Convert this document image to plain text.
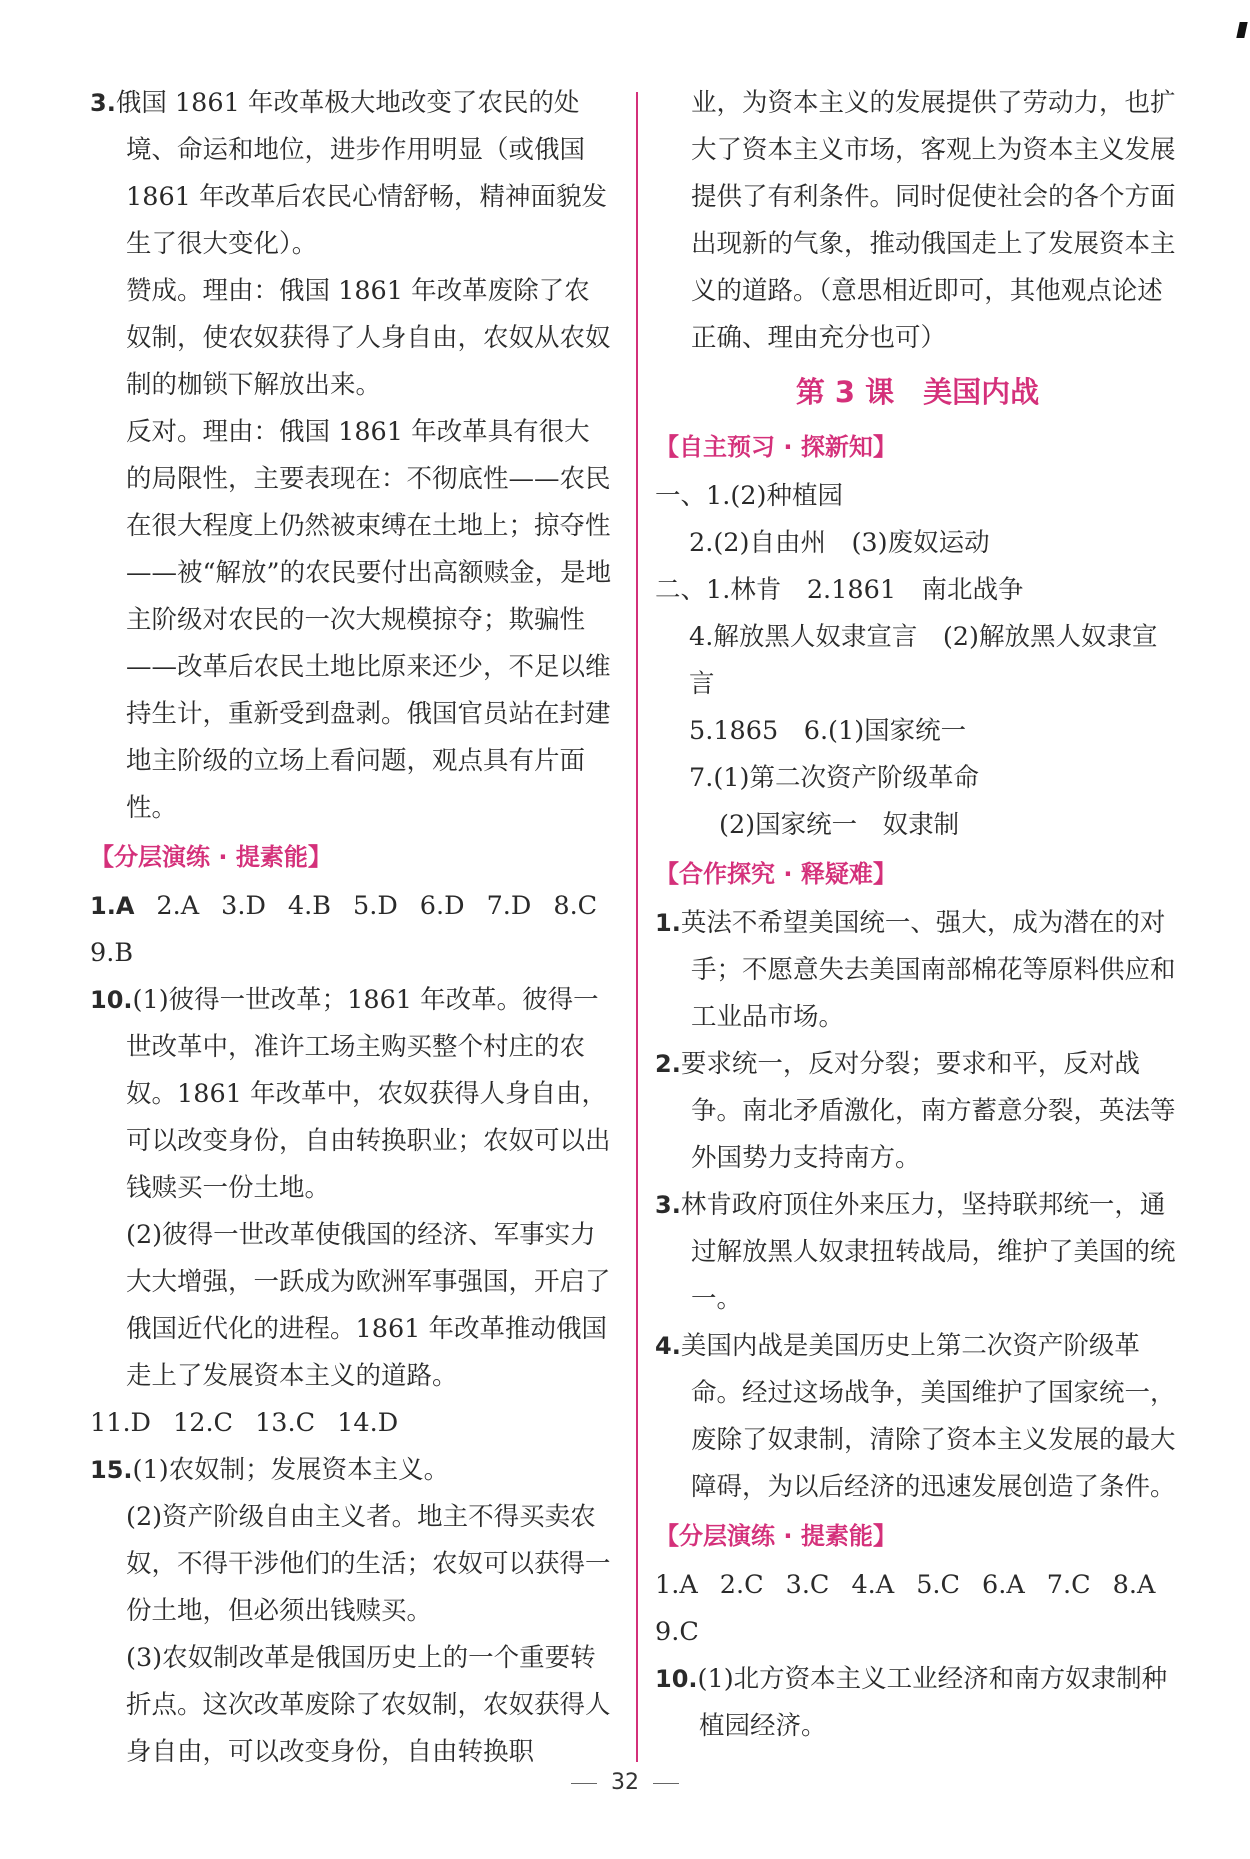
3.俄国 1861 年改革极大地改变了农民的处境、命运和地位，进步作用明显（或俄国 1861 年改革后农民心情舒畅，精神面貌发生了很大变化）。

赞成。理由：俄国 1861 年改革废除了农奴制，使农奴获得了人身自由，农奴从农奴制的枷锁下解放出来。

反对。理由：俄国 1861 年改革具有很大的局限性，主要表现在：不彻底性——农民在很大程度上仍然被束缚在土地上；掠夺性——被“解放”的农民要付出高额赎金，是地主阶级对农民的一次大规模掠夺；欺骗性——改革后农民土地比原来还少，不足以维持生计，重新受到盘剥。俄国官员站在封建地主阶级的立场上看问题，观点具有片面性。

【分层演练 · 提素能】

1.A 2.A 3.D 4.B 5.D 6.D 7.D 8.C

9.B

10.(1)彼得一世改革；1861 年改革。彼得一世改革中，准许工场主购买整个村庄的农奴。1861 年改革中，农奴获得人身自由，可以改变身份，自由转换职业；农奴可以出钱赎买一份土地。

(2)彼得一世改革使俄国的经济、军事实力大大增强，一跃成为欧洲军事强国，开启了俄国近代化的进程。1861 年改革推动俄国走上了发展资本主义的道路。

11.D 12.C 13.C 14.D

15.(1)农奴制；发展资本主义。

(2)资产阶级自由主义者。地主不得买卖农奴，不得干涉他们的生活；农奴可以获得一份土地，但必须出钱赎买。

(3)农奴制改革是俄国历史上的一个重要转折点。这次改革废除了农奴制，农奴获得人身自由，可以改变身份，自由转换职

业，为资本主义的发展提供了劳动力，也扩大了资本主义市场，客观上为资本主义发展提供了有利条件。同时促使社会的各个方面出现新的气象，推动俄国走上了发展资本主义的道路。（意思相近即可，其他观点论述正确、理由充分也可）

第 3 课　美国内战
【自主预习 · 探新知】

一、1.(2)种植园

2.(2)自由州　(3)废奴运动

二、1.林肯　2.1861　南北战争

4.解放黑人奴隶宣言　(2)解放黑人奴隶宣言

5.1865　6.(1)国家统一

7.(1)第二次资产阶级革命

(2)国家统一　奴隶制

【合作探究 · 释疑难】

1.英法不希望美国统一、强大，成为潜在的对手；不愿意失去美国南部棉花等原料供应和工业品市场。

2.要求统一，反对分裂；要求和平，反对战争。南北矛盾激化，南方蓄意分裂，英法等外国势力支持南方。

3.林肯政府顶住外来压力，坚持联邦统一，通过解放黑人奴隶扭转战局，维护了美国的统一。

4.美国内战是美国历史上第二次资产阶级革命。经过这场战争，美国维护了国家统一，废除了奴隶制，清除了资本主义发展的最大障碍，为以后经济的迅速发展创造了条件。

【分层演练 · 提素能】

1.A 2.C 3.C 4.A 5.C 6.A 7.C 8.A

9.C

10.(1)北方资本主义工业经济和南方奴隶制种植园经济。

32
